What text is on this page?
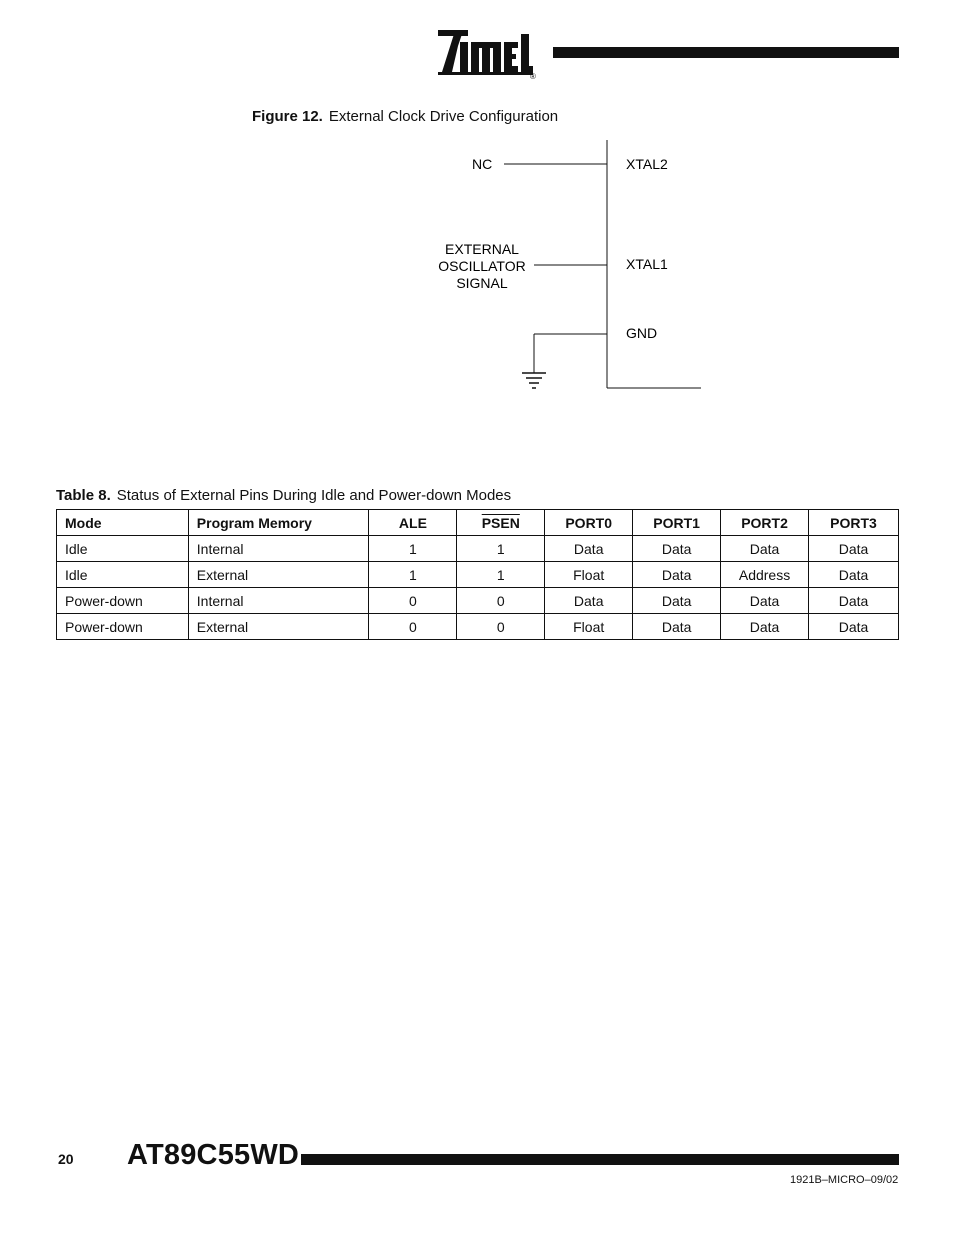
®
Figure 12. External Clock Drive Configuration
NC	XTAL2
EXTERNAL
OSCILLATOR
SIGNAL
XTAL1
GND
Table 8. Status of External Pins During Idle and Power-down Modes
Mode	Program Memory	ALE	PSEN	PORT0	PORT1	PORT2	PORT3
Idle	Internal	1	1	Data	Data	Data	Data
Idle	External	1	1	Float	Data	Address	Data
Power-down	Internal	0	0	Data	Data	Data	Data
Power-down	External	0	0	Float	Data	Data	Data
20 AT89C55WD
1921B–MICRO–09/02
